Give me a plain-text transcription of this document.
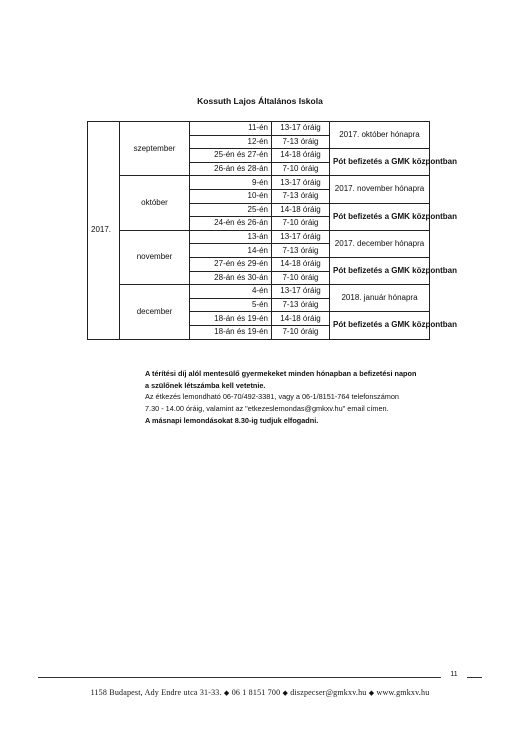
Kossuth Lajos Általános Iskola
2017.	szeptember	11-én	13-17 óráig	2017. október hónapra
		12-én	7-13 óráig	
		25-én és 27-én	14-18 óráig	Pót befizetés a GMK központban
		26-án és 28-án	7-10 óráig	
	október	9-én	13-17 óráig	2017. november hónapra
		10-én	7-13 óráig	
		25-én	14-18 óráig	Pót befizetés a GMK központban
		24-én és 26-án	7-10 óráig	
	november	13-án	13-17 óráig	2017. december hónapra
		14-én	7-13 óráig	
		27-én és 29-én	14-18 óráig	Pót befizetés a GMK központban
		28-án és 30-án	7-10 óráig	
	december	4-én	13-17 óráig	2018. január hónapra
		5-én	7-13 óráig	
		18-án és 19-én	14-18 óráig	Pót befizetés a GMK központban
		18-án és 19-én	7-10 óráig	
A térítési díj alól mentesülő gyermekeket minden hónapban a befizetési napon
a szülőnek létszámba kell vetetnie.
Az étkezés lemondható 06-70/492-3381, vagy a 06-1/8151-764 telefonszámon
7.30 - 14.00 óráig, valamint az "etkezeslemondas@gmkxv.hu" email címen.
A másnapi lemondásokat 8.30-ig tudjuk elfogadni.
11
1158 Budapest, Ady Endre utca 31-33. ◆ 06 1 8151 700 ◆ diszpecser@gmkxv.hu ◆ www.gmkxv.hu
